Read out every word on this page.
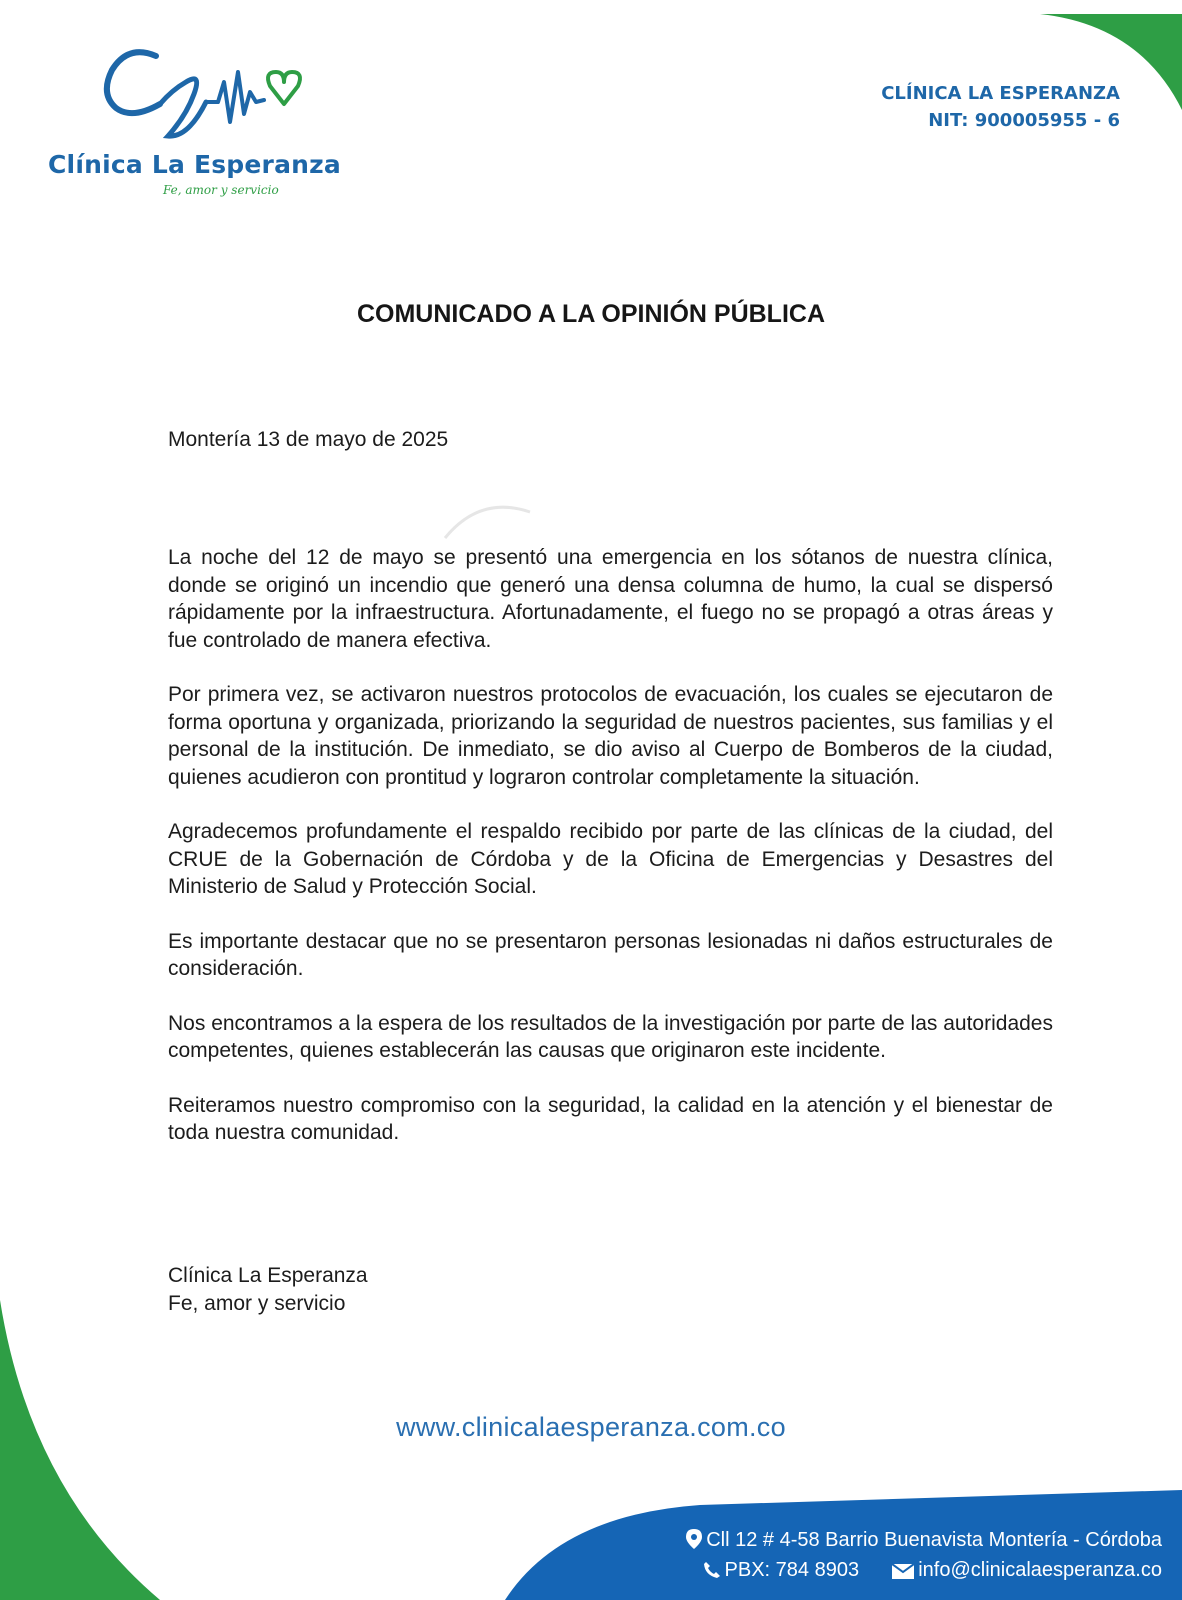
Clínica La Esperanza
Fe, amor y servicio
CLÍNICA LA ESPERANZA
NIT: 900005955 - 6
COMUNICADO A LA OPINIÓN PÚBLICA
Montería 13 de mayo de 2025

La noche del 12 de mayo se presentó una emergencia en los sótanos de nuestra clínica, donde se originó un incendio que generó una densa columna de humo, la cual se dispersó rápidamente por la infraestructura. Afortunadamente, el fuego no se propagó a otras áreas y fue controlado de manera efectiva.

Por primera vez, se activaron nuestros protocolos de evacuación, los cuales se ejecutaron de forma oportuna y organizada, priorizando la seguridad de nuestros pacientes, sus familias y el personal de la institución. De inmediato, se dio aviso al Cuerpo de Bomberos de la ciudad, quienes acudieron con prontitud y lograron controlar completamente la situación.

Agradecemos profundamente el respaldo recibido por parte de las clínicas de la ciudad, del CRUE de la Gobernación de Córdoba y de la Oficina de Emergencias y Desastres del Ministerio de Salud y Protección Social.

Es importante destacar que no se presentaron personas lesionadas ni daños estructurales de consideración.

Nos encontramos a la espera de los resultados de la investigación por parte de las autoridades competentes, quienes establecerán las causas que originaron este incidente.

Reiteramos nuestro compromiso con la seguridad, la calidad en la atención y el bienestar de toda nuestra comunidad.

Clínica La Esperanza
Fe, amor y servicio
www.clinicalaesperanza.com.co
Cll 12 # 4-58 Barrio Buenavista Montería - Córdoba
PBX: 784 8903	info@clinicalaesperanza.co
